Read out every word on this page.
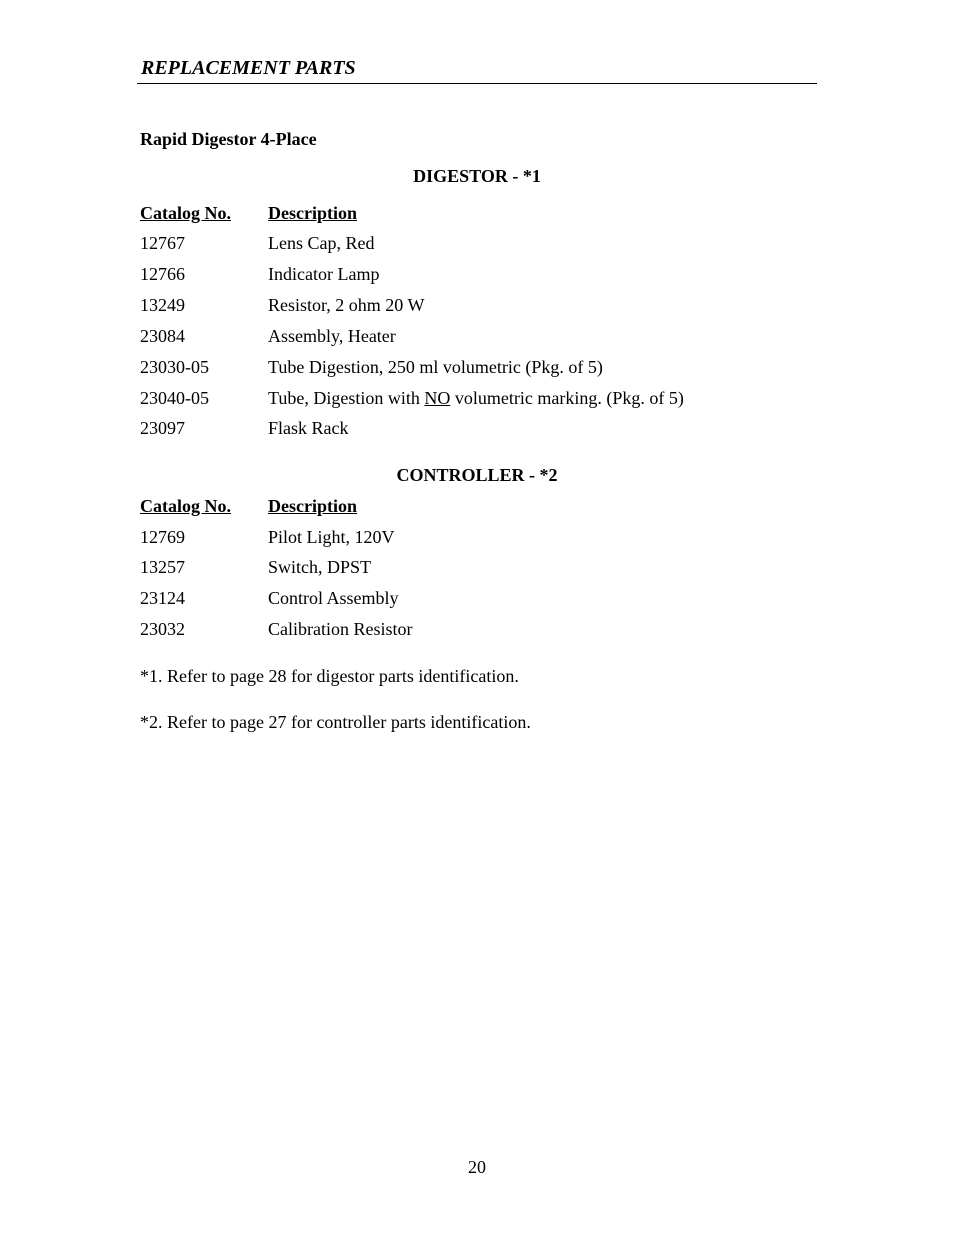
REPLACEMENT PARTS
Rapid Digestor 4-Place
DIGESTOR - *1
Catalog No. Description
12767	Lens Cap, Red
12766	Indicator Lamp
13249	Resistor, 2 ohm 20 W
23084	Assembly, Heater
23030-05	Tube Digestion, 250 ml volumetric (Pkg. of 5)
23040-05	Tube, Digestion with NO volumetric marking. (Pkg. of 5)
23097	Flask Rack
CONTROLLER - *2
Catalog No. Description
12769	Pilot Light, 120V
13257	Switch, DPST
23124	Control Assembly
23032	Calibration Resistor
*1. Refer to page 28 for digestor parts identification.
*2. Refer to page 27 for controller parts identification.
20
